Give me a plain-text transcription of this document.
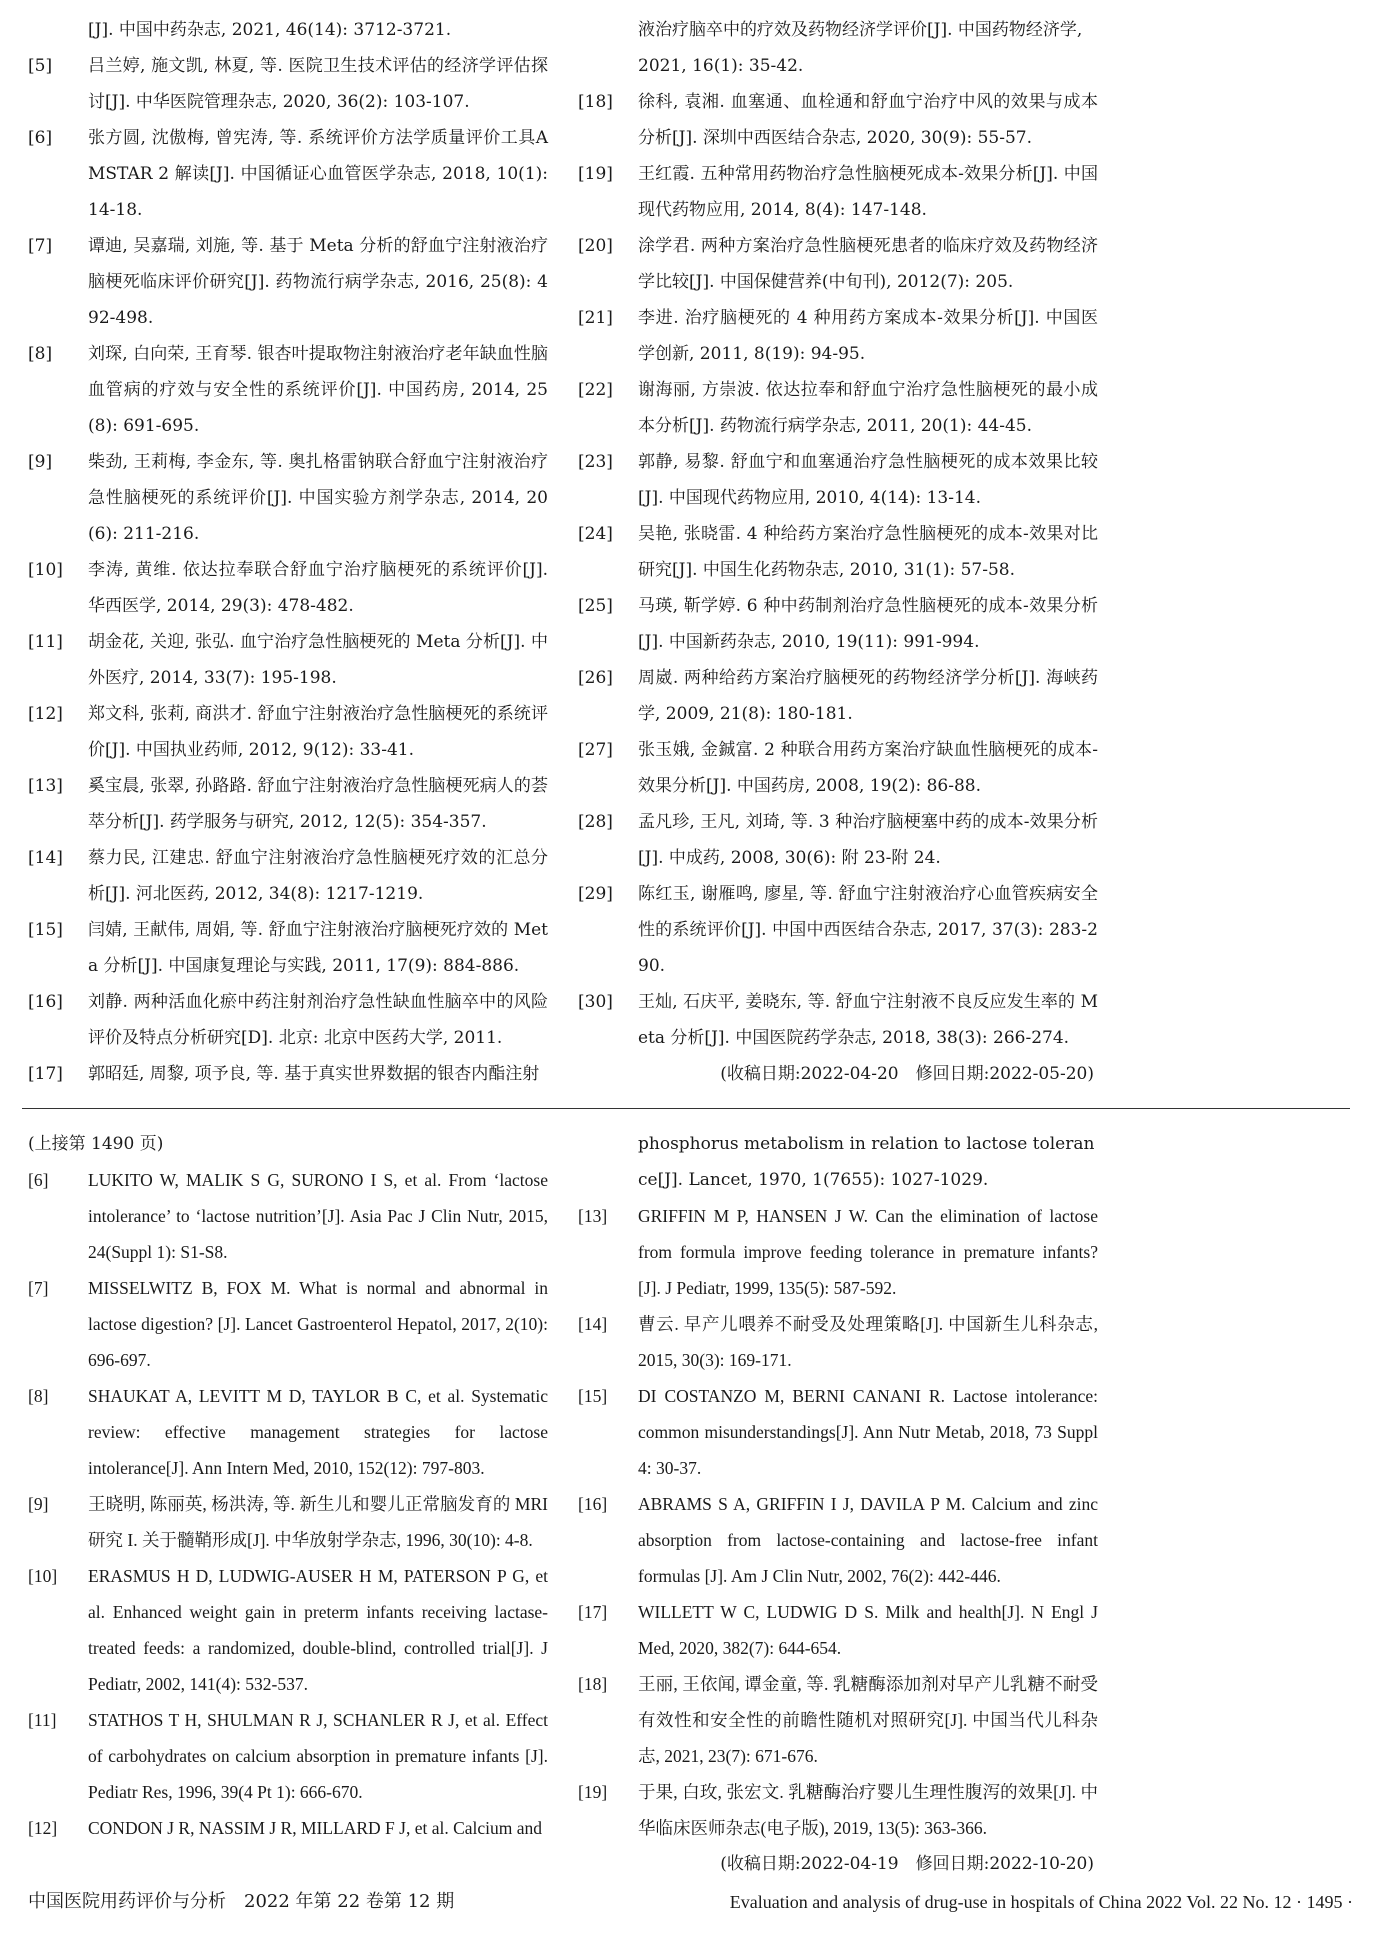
[J]. 中国中药杂志, 2021, 46(14): 3712-3721.
[5]	吕兰婷, 施文凯, 林夏, 等. 医院卫生技术评估的经济学评估探讨[J]. 中华医院管理杂志, 2020, 36(2): 103-107.
[6]	张方圆, 沈傲梅, 曾宪涛, 等. 系统评价方法学质量评价工具AMSTAR 2 解读[J]. 中国循证心血管医学杂志, 2018, 10(1): 14-18.
[7]	谭迪, 吴嘉瑞, 刘施, 等. 基于 Meta 分析的舒血宁注射液治疗脑梗死临床评价研究[J]. 药物流行病学杂志, 2016, 25(8): 492-498.
[8]	刘琛, 白向荣, 王育琴. 银杏叶提取物注射液治疗老年缺血性脑血管病的疗效与安全性的系统评价[J]. 中国药房, 2014, 25(8): 691-695.
[9]	柴劲, 王莉梅, 李金东, 等. 奥扎格雷钠联合舒血宁注射液治疗急性脑梗死的系统评价[J]. 中国实验方剂学杂志, 2014, 20(6): 211-216.
[10]	李涛, 黄维. 依达拉奉联合舒血宁治疗脑梗死的系统评价[J]. 华西医学, 2014, 29(3): 478-482.
[11]	胡金花, 关迎, 张弘. 血宁治疗急性脑梗死的 Meta 分析[J]. 中外医疗, 2014, 33(7): 195-198.
[12]	郑文科, 张莉, 商洪才. 舒血宁注射液治疗急性脑梗死的系统评价[J]. 中国执业药师, 2012, 9(12): 33-41.
[13]	奚宝晨, 张翠, 孙路路. 舒血宁注射液治疗急性脑梗死病人的荟萃分析[J]. 药学服务与研究, 2012, 12(5): 354-357.
[14]	蔡力民, 江建忠. 舒血宁注射液治疗急性脑梗死疗效的汇总分析[J]. 河北医药, 2012, 34(8): 1217-1219.
[15]	闫婧, 王献伟, 周娟, 等. 舒血宁注射液治疗脑梗死疗效的 Meta 分析[J]. 中国康复理论与实践, 2011, 17(9): 884-886.
[16]	刘静. 两种活血化瘀中药注射剂治疗急性缺血性脑卒中的风险评价及特点分析研究[D]. 北京: 北京中医药大学, 2011.
[17]	郭昭廷, 周黎, 项予良, 等. 基于真实世界数据的银杏内酯注射
液治疗脑卒中的疗效及药物经济学评价[J]. 中国药物经济学, 2021, 16(1): 35-42.
[18]	徐科, 袁湘. 血塞通、血栓通和舒血宁治疗中风的效果与成本分析[J]. 深圳中西医结合杂志, 2020, 30(9): 55-57.
[19]	王红霞. 五种常用药物治疗急性脑梗死成本-效果分析[J]. 中国现代药物应用, 2014, 8(4): 147-148.
[20]	涂学君. 两种方案治疗急性脑梗死患者的临床疗效及药物经济学比较[J]. 中国保健营养(中旬刊), 2012(7): 205.
[21]	李进. 治疗脑梗死的 4 种用药方案成本-效果分析[J]. 中国医学创新, 2011, 8(19): 94-95.
[22]	谢海丽, 方崇波. 依达拉奉和舒血宁治疗急性脑梗死的最小成本分析[J]. 药物流行病学杂志, 2011, 20(1): 44-45.
[23]	郭静, 易黎. 舒血宁和血塞通治疗急性脑梗死的成本效果比较[J]. 中国现代药物应用, 2010, 4(14): 13-14.
[24]	吴艳, 张晓雷. 4 种给药方案治疗急性脑梗死的成本-效果对比研究[J]. 中国生化药物杂志, 2010, 31(1): 57-58.
[25]	马瑛, 靳学婷. 6 种中药制剂治疗急性脑梗死的成本-效果分析[J]. 中国新药杂志, 2010, 19(11): 991-994.
[26]	周崴. 两种给药方案治疗脑梗死的药物经济学分析[J]. 海峡药学, 2009, 21(8): 180-181.
[27]	张玉娥, 金鋮富. 2 种联合用药方案治疗缺血性脑梗死的成本-效果分析[J]. 中国药房, 2008, 19(2): 86-88.
[28]	孟凡珍, 王凡, 刘琦, 等. 3 种治疗脑梗塞中药的成本-效果分析[J]. 中成药, 2008, 30(6): 附 23-附 24.
[29]	陈红玉, 谢雁鸣, 廖星, 等. 舒血宁注射液治疗心血管疾病安全性的系统评价[J]. 中国中西医结合杂志, 2017, 37(3): 283-290.
[30]	王灿, 石庆平, 姜晓东, 等. 舒血宁注射液不良反应发生率的 Meta 分析[J]. 中国医院药学杂志, 2018, 38(3): 266-274.
(收稿日期:2022-04-20　修回日期:2022-05-20)
(上接第 1490 页)
[6]	LUKITO W, MALIK S G, SURONO I S, et al. From ‘lactose intolerance’ to ‘lactose nutrition’[J]. Asia Pac J Clin Nutr, 2015, 24(Suppl 1): S1-S8.
[7]	MISSELWITZ B, FOX M. What is normal and abnormal in lactose digestion? [J]. Lancet Gastroenterol Hepatol, 2017, 2(10): 696-697.
[8]	SHAUKAT A, LEVITT M D, TAYLOR B C, et al. Systematic review: effective management strategies for lactose intolerance[J]. Ann Intern Med, 2010, 152(12): 797-803.
[9]	王晓明, 陈丽英, 杨洪涛, 等. 新生儿和婴儿正常脑发育的 MRI 研究 I. 关于髓鞘形成[J]. 中华放射学杂志, 1996, 30(10): 4-8.
[10]	ERASMUS H D, LUDWIG-AUSER H M, PATERSON P G, et al. Enhanced weight gain in preterm infants receiving lactase-treated feeds: a randomized, double-blind, controlled trial[J]. J Pediatr, 2002, 141(4): 532-537.
[11]	STATHOS T H, SHULMAN R J, SCHANLER R J, et al. Effect of carbohydrates on calcium absorption in premature infants [J]. Pediatr Res, 1996, 39(4 Pt 1): 666-670.
[12]	CONDON J R, NASSIM J R, MILLARD F J, et al. Calcium and
phosphorus metabolism in relation to lactose tolerance[J]. Lancet, 1970, 1(7655): 1027-1029.
[13]	GRIFFIN M P, HANSEN J W. Can the elimination of lactose from formula improve feeding tolerance in premature infants? [J]. J Pediatr, 1999, 135(5): 587-592.
[14]	曹云. 早产儿喂养不耐受及处理策略[J]. 中国新生儿科杂志, 2015, 30(3): 169-171.
[15]	DI COSTANZO M, BERNI CANANI R. Lactose intolerance: common misunderstandings[J]. Ann Nutr Metab, 2018, 73 Suppl 4: 30-37.
[16]	ABRAMS S A, GRIFFIN I J, DAVILA P M. Calcium and zinc absorption from lactose-containing and lactose-free infant formulas [J]. Am J Clin Nutr, 2002, 76(2): 442-446.
[17]	WILLETT W C, LUDWIG D S. Milk and health[J]. N Engl J Med, 2020, 382(7): 644-654.
[18]	王丽, 王依闻, 谭金童, 等. 乳糖酶添加剂对早产儿乳糖不耐受有效性和安全性的前瞻性随机对照研究[J]. 中国当代儿科杂志, 2021, 23(7): 671-676.
[19]	于果, 白玫, 张宏文. 乳糖酶治疗婴儿生理性腹泻的效果[J]. 中华临床医师杂志(电子版), 2019, 13(5): 363-366.
(收稿日期:2022-04-19　修回日期:2022-10-20)
中国医院用药评价与分析　2022 年第 22 卷第 12 期	Evaluation and analysis of drug-use in hospitals of China 2022 Vol. 22 No. 12 · 1495 ·
